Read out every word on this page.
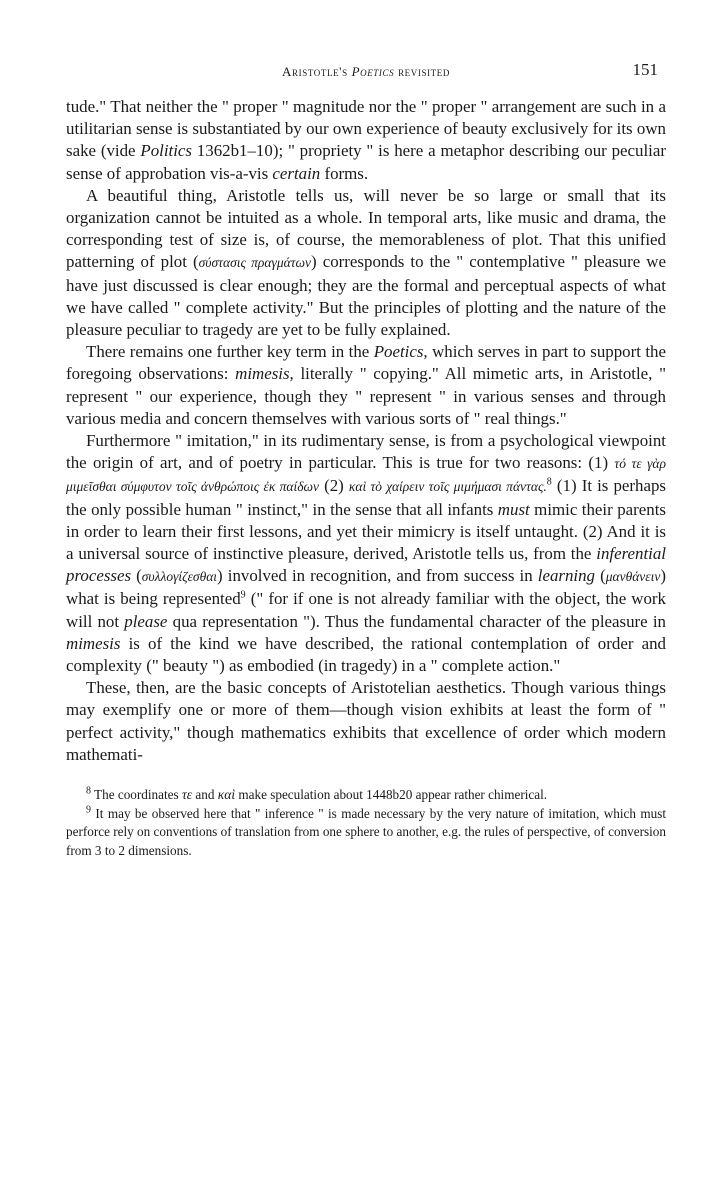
Aristotle's Poetics revisited	151

tude." That neither the " proper " magnitude nor the " proper " arrangement are such in a utilitarian sense is substantiated by our own experience of beauty exclusively for its own sake (vide Politics 1362b1–10); " propriety " is here a metaphor describing our peculiar sense of approbation vis-a-vis certain forms.

A beautiful thing, Aristotle tells us, will never be so large or small that its organization cannot be intuited as a whole. In temporal arts, like music and drama, the corresponding test of size is, of course, the memorableness of plot. That this unified patterning of plot (σύστασις πραγμάτων) corresponds to the " contemplative " pleasure we have just discussed is clear enough; they are the formal and perceptual aspects of what we have called " complete activity." But the principles of plotting and the nature of the pleasure peculiar to tragedy are yet to be fully explained.

There remains one further key term in the Poetics, which serves in part to support the foregoing observations: mimesis, literally " copying." All mimetic arts, in Aristotle, " represent " our experience, though they " represent " in various senses and through various media and concern themselves with various sorts of " real things."

Furthermore " imitation," in its rudimentary sense, is from a psychological viewpoint the origin of art, and of poetry in particular. This is true for two reasons: (1) τό τε γὰρ μιμεῖσθαι σύμφυτον τοῖς ἀνθρώποις ἐκ παίδων (2) καὶ τὸ χαίρειν τοῖς μιμήμασι πάντας.$^8$ (1) It is perhaps the only possible human " instinct," in the sense that all infants must mimic their parents in order to learn their first lessons, and yet their mimicry is itself untaught. (2) And it is a universal source of instinctive pleasure, derived, Aristotle tells us, from the inferential processes (συλλογίζεσθαι) involved in recognition, and from success in learning (μανθάνειν) what is being represented$^9$ (" for if one is not already familiar with the object, the work will not please qua representation "). Thus the fundamental character of the pleasure in mimesis is of the kind we have described, the rational contemplation of order and complexity (" beauty ") as embodied (in tragedy) in a " complete action."

These, then, are the basic concepts of Aristotelian aesthetics. Though various things may exemplify one or more of them—though vision exhibits at least the form of " perfect activity," though mathematics exhibits that excellence of order which modern mathemati-

$^8$ The coordinates τε and καὶ make speculation about 1448b20 appear rather chimerical.

$^9$ It may be observed here that " inference " is made necessary by the very nature of imitation, which must perforce rely on conventions of translation from one sphere to another, e.g. the rules of perspective, of conversion from 3 to 2 dimensions.
